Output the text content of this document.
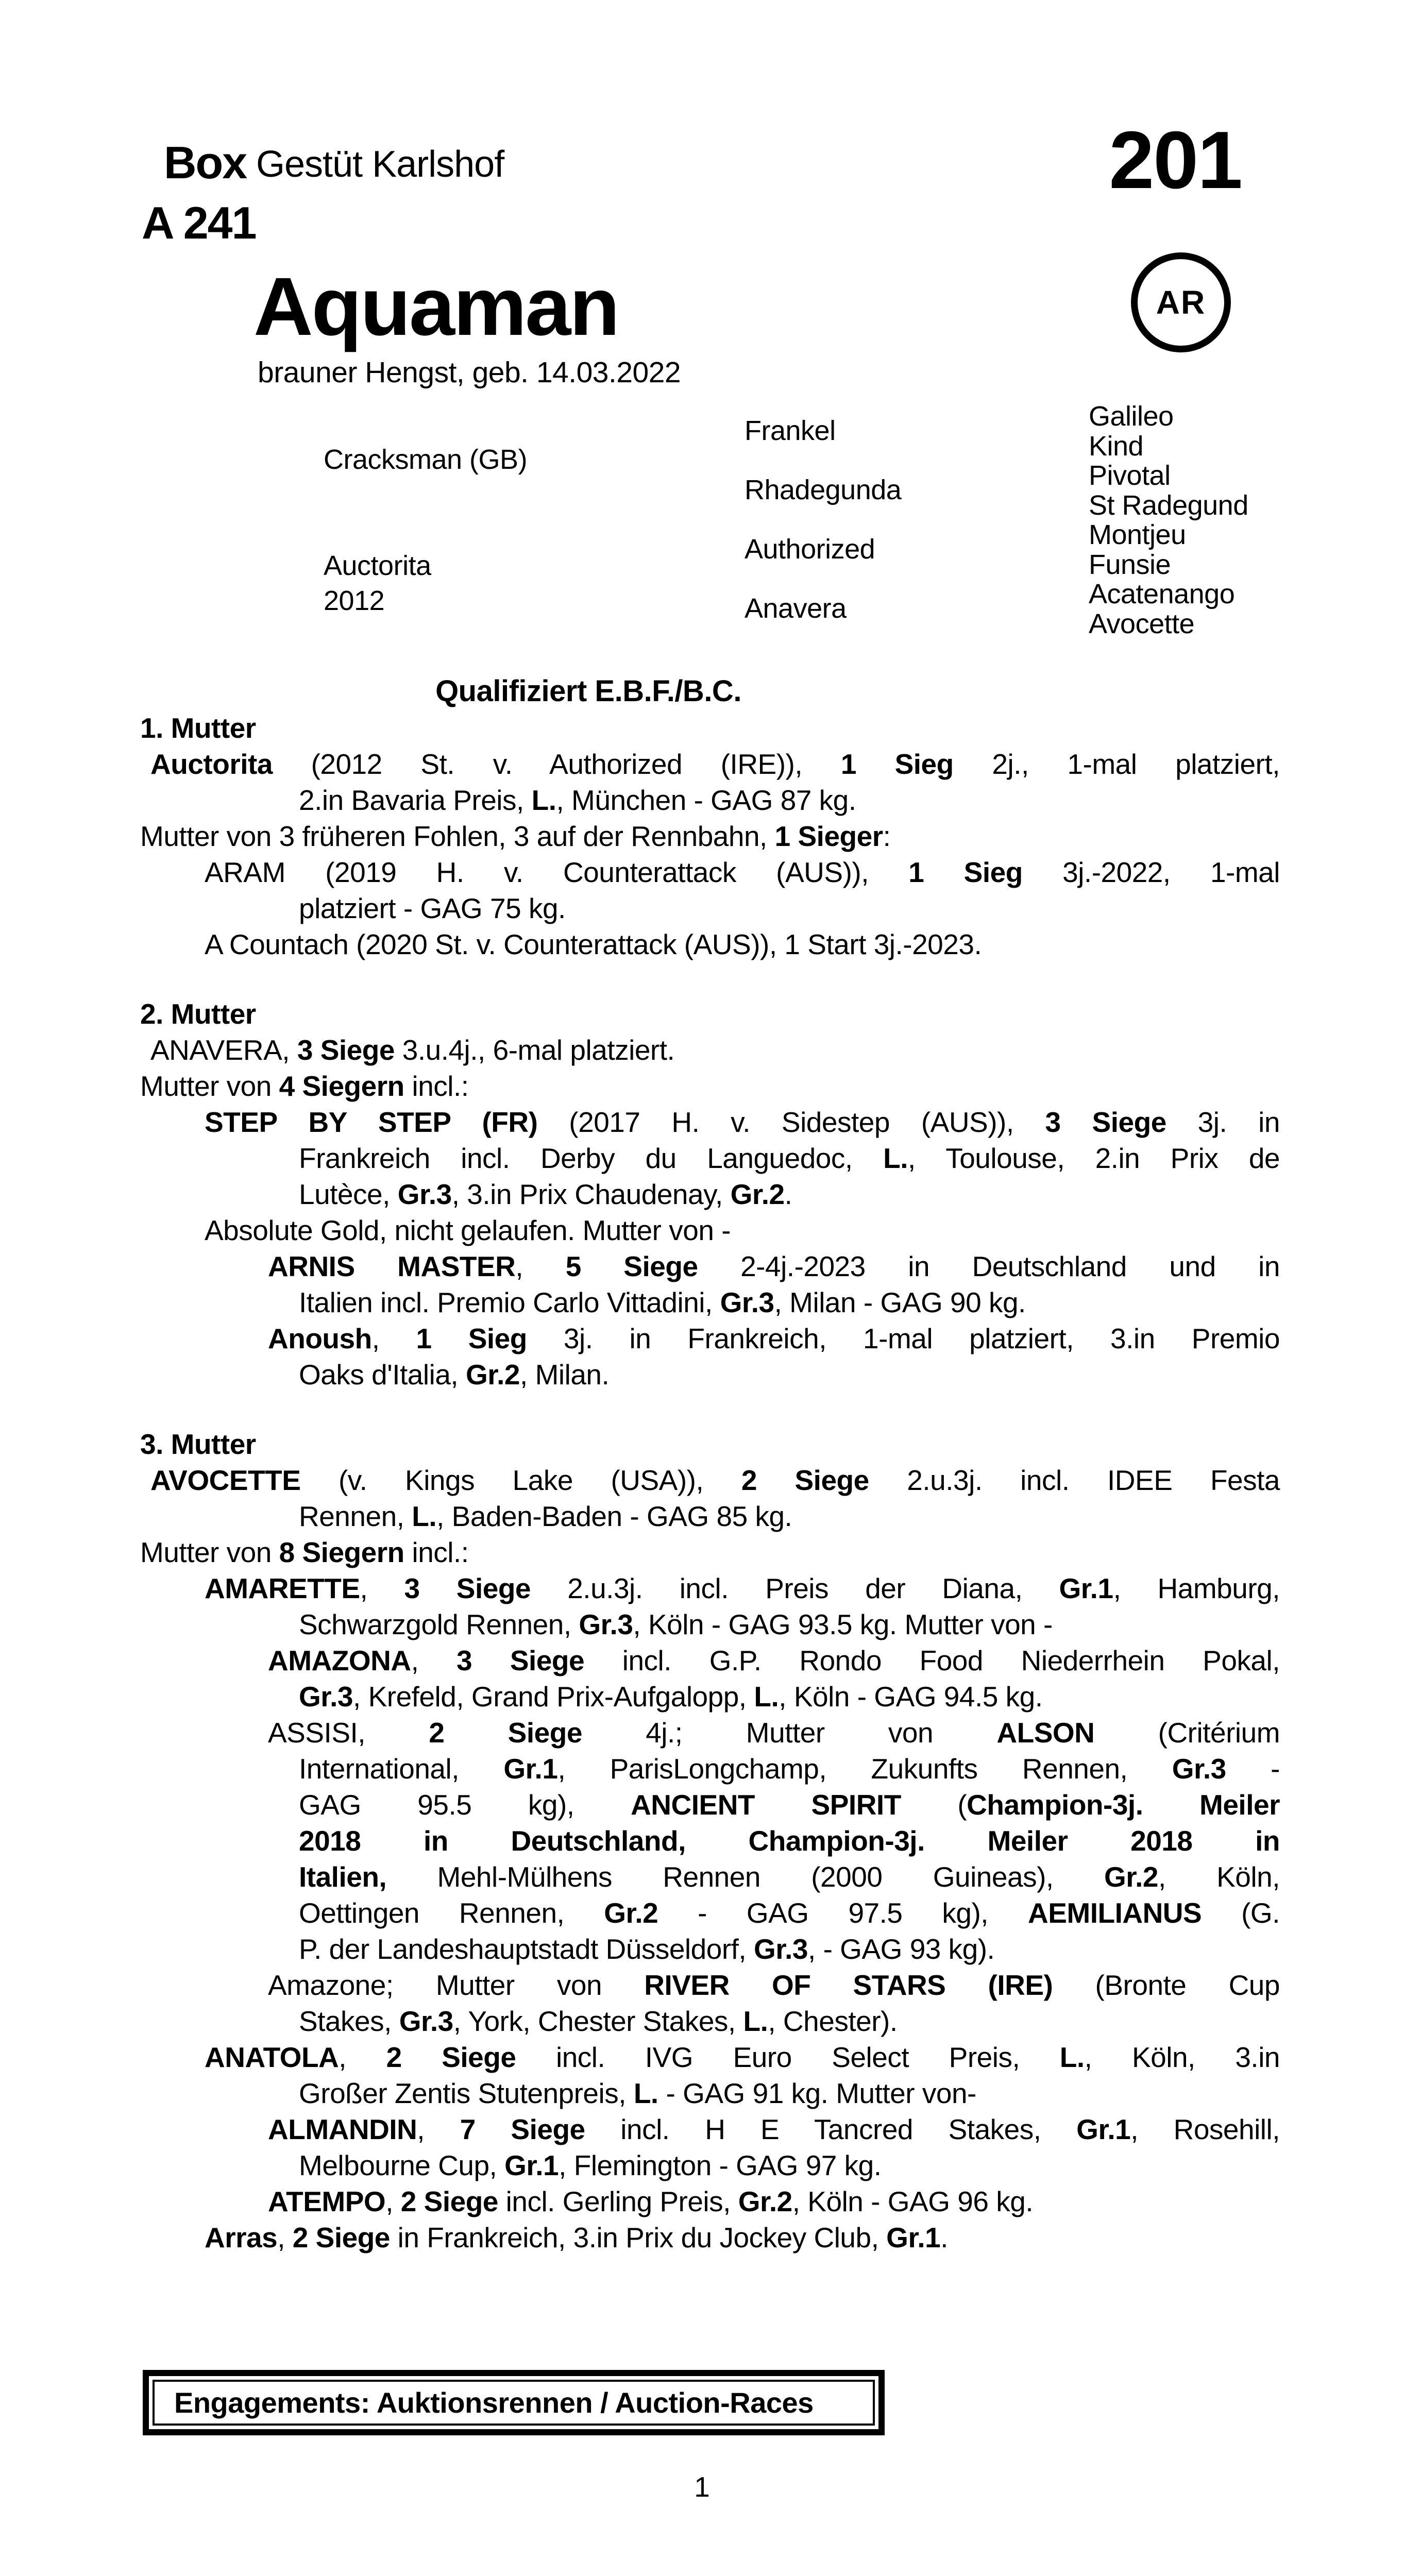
Box
A 241
Gestüt Karlshof	201
AR
Aquaman
brauner Hengst, geb. 14.03.2022
Cracksman (GB)
Auctorita
2012
Frankel
Rhadegunda
Authorized
Anavera
Galileo
Kind
Pivotal
St Radegund
Montjeu
Funsie
Acatenango
Avocette
Qualifiziert E.B.F./B.C.
1. Mutter
Auctorita (2012 St. v. Authorized (IRE)), 1 Sieg 2j., 1-mal platziert,
2.in Bavaria Preis, L., München - GAG 87 kg.
Mutter von 3 früheren Fohlen, 3 auf der Rennbahn, 1 Sieger:
ARAM (2019 H. v. Counterattack (AUS)), 1 Sieg 3j.-2022, 1-mal
platziert - GAG 75 kg.
A Countach (2020 St. v. Counterattack (AUS)), 1 Start 3j.-2023.
2. Mutter
ANAVERA, 3 Siege 3.u.4j., 6-mal platziert.
Mutter von 4 Siegern incl.:
STEP BY STEP (FR) (2017 H. v. Sidestep (AUS)), 3 Siege 3j. in
Frankreich incl. Derby du Languedoc, L., Toulouse, 2.in Prix de
Lutèce, Gr.3, 3.in Prix Chaudenay, Gr.2.
Absolute Gold, nicht gelaufen. Mutter von -
ARNIS MASTER, 5 Siege 2-4j.-2023 in Deutschland und in
Italien incl. Premio Carlo Vittadini, Gr.3, Milan - GAG 90 kg.
Anoush, 1 Sieg 3j. in Frankreich, 1-mal platziert, 3.in Premio
Oaks d'Italia, Gr.2, Milan.
3. Mutter
AVOCETTE (v. Kings Lake (USA)), 2 Siege 2.u.3j. incl. IDEE Festa
Rennen, L., Baden-Baden - GAG 85 kg.
Mutter von 8 Siegern incl.:
AMARETTE, 3 Siege 2.u.3j. incl. Preis der Diana, Gr.1, Hamburg,
Schwarzgold Rennen, Gr.3, Köln - GAG 93.5 kg. Mutter von -
AMAZONA, 3 Siege incl. G.P. Rondo Food Niederrhein Pokal,
Gr.3, Krefeld, Grand Prix-Aufgalopp, L., Köln - GAG 94.5 kg.
ASSISI, 2 Siege 4j.; Mutter von ALSON (Critérium
International, Gr.1, ParisLongchamp, Zukunfts Rennen, Gr.3 -
GAG 95.5 kg), ANCIENT SPIRIT (Champion-3j. Meiler
2018 in Deutschland, Champion-3j. Meiler 2018 in
Italien, Mehl-Mülhens Rennen (2000 Guineas), Gr.2, Köln,
Oettingen Rennen, Gr.2 - GAG 97.5 kg), AEMILIANUS (G.
P. der Landeshauptstadt Düsseldorf, Gr.3, - GAG 93 kg).
Amazone; Mutter von RIVER OF STARS (IRE) (Bronte Cup
Stakes, Gr.3, York, Chester Stakes, L., Chester).
ANATOLA, 2 Siege incl. IVG Euro Select Preis, L., Köln, 3.in
Großer Zentis Stutenpreis, L. - GAG 91 kg. Mutter von-
ALMANDIN, 7 Siege incl. H E Tancred Stakes, Gr.1, Rosehill,
Melbourne Cup, Gr.1, Flemington - GAG 97 kg.
ATEMPO, 2 Siege incl. Gerling Preis, Gr.2, Köln - GAG 96 kg.
Arras, 2 Siege in Frankreich, 3.in Prix du Jockey Club, Gr.1.
Engagements: Auktionsrennen / Auction-Races
1
